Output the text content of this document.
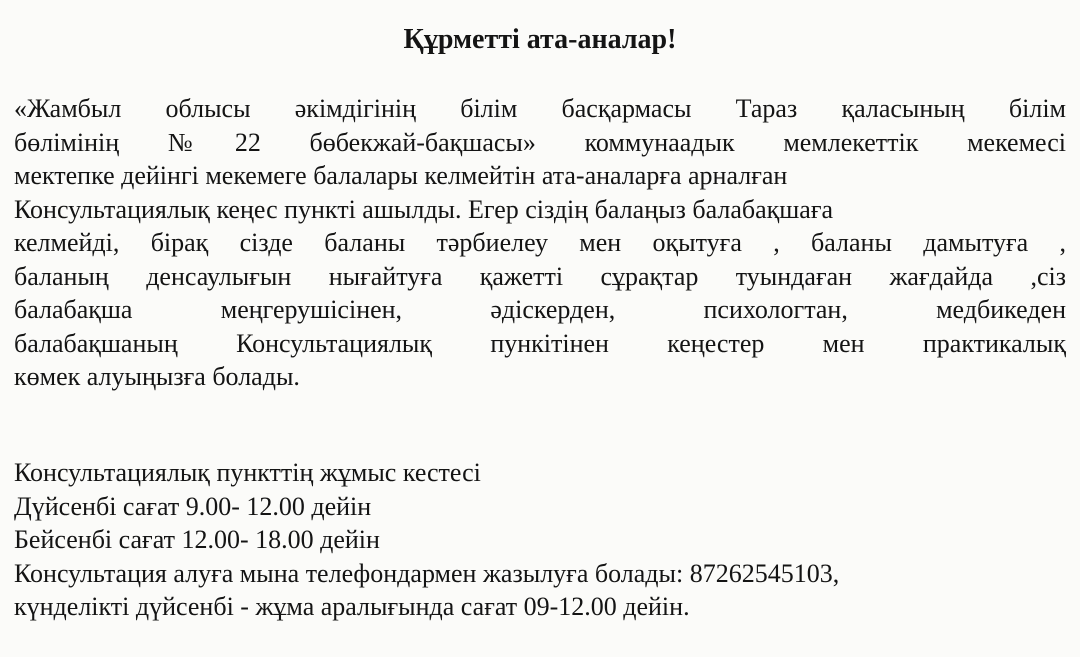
Құрметті ата-аналар!
«Жамбыл облысы әкімдігінің білім басқармасы Тараз қаласының білім
бөлімінің №22 бөбекжай-бақшасы» коммунаадык мемлекеттік мекемесі
мектепке дейінгі мекемеге балалары келмейтін ата-аналарға арналған
Консультациялық кеңес пункті ашылды. Егер сіздің балаңыз балабақшаға
келмейді, бірақ сізде баланы тәрбиелеу мен оқытуға , баланы дамытуға ,
баланың денсаулығын нығайтуға қажетті сұрақтар туындаған жағдайда ,сіз
балабақша меңгерушісінен, әдіскерден, психологтан, медбикеден
балабақшаның Консультациялық пункітінен кеңестер мен практикалық
көмек алуыңызға болады.
Консультациялық пункттің жұмыс кестесі
Дүйсенбі сағат 9.00- 12.00 дейін
Бейсенбі сағат 12.00- 18.00 дейін
Консультация алуға мына телефондармен жазылуға болады: 87262545103,
күнделікті дүйсенбі - жұма аралығында сағат 09-12.00 дейін.
